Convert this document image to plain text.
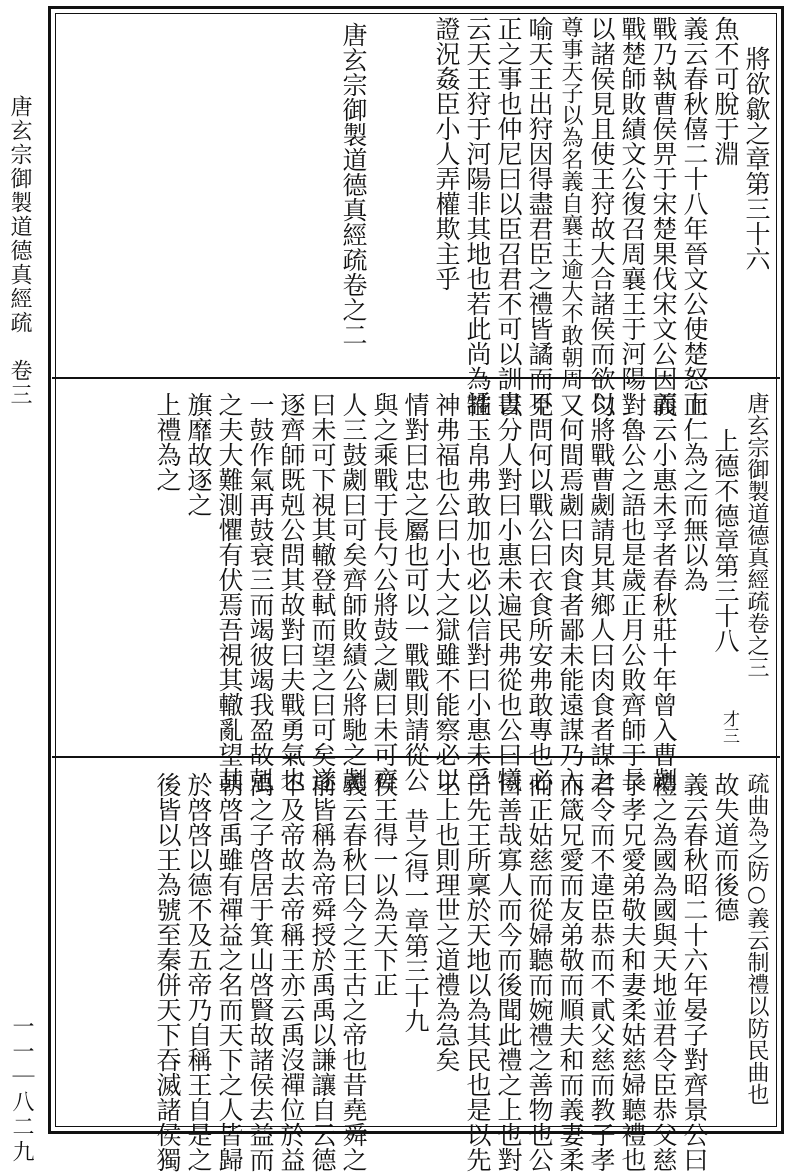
唐玄宗御製道德真經疏　卷三
一一｜八二九
將欲歙之章第三十六
魚不可脫于淵
義云春秋僖二十八年晉文公使楚怒而
戰乃執曹侯畀于宋楚果伐宋文公因而
戰楚師敗績文公復召周襄王于河陽
以諸侯見且使王狩故大合諸侯而欲以
尊事天子以為名義自襄王逾大不敢朝周
喻天王出狩因得盡君臣之禮皆譎而不
正之事也仲尼曰以臣召君不可以訓書
云天王狩于河陽非其地也若此尚為譎
證況姦臣小人弄權欺主乎
唐玄宗御製道德真經疏卷之二
唐玄宗御製道德真經疏卷之三
上德不德章第三十八
上仁為之而無以為
義云小惠未孚者春秋莊十年曾入曹劌
對魯公之語也是歲正月公敗齊師于長
勺將戰曹劌請見其鄉人曰肉食者謀之
又何間焉劌曰肉食者鄙未能遠謀乃入
見問何以戰公曰衣食所安弗敢專也必
以分人對曰小惠未遍民弗從也公曰犧
牲玉帛弗敢加也必以信對曰小惠未孚
神弗福也公曰小大之獄雖不能察必以
情對曰忠之屬也可以一戰戰則請從公
與之乘戰于長勺公將鼓之劌曰未可齊
人三鼓劌曰可矣齊師敗績公將馳之劌
曰未可下視其轍登軾而望之曰可矣遂
逐齊師既剋公問其故對曰夫戰勇氣也
一鼓作氣再鼓衰三而竭彼竭我盈故剋
之夫大難測懼有伏焉吾視其轍亂望其
旗靡故逐之
上禮為之
才三
疏曲為之防○義云制禮以防民曲也
故失道而後德
義云春秋昭二十六年晏子對齊景公曰
禮之為國為國與天地並君令臣恭父慈
子孝兄愛弟敬夫和妻柔姑慈婦聽禮也
君令而不違臣恭而不貳父慈而教子孝
而箴兄愛而友弟敬而順夫和而義妻柔
而正姑慈而從婦聽而婉禮之善物也公
曰善哉寡人而今而後聞此禮之上也對
曰先王所稟於天地以為其民也是以先
王上也則理世之道禮為急矣
昔之得一章第三十九
侯王得一以為天下正
義云春秋曰今之王古之帝也昔堯舜之
前皆稱為帝舜授於禹禹以謙讓自云德
不及帝故去帝稱王亦云禹沒禪位於益
禹之子啓居于箕山啓賢故諸侯去益而
朝啓禹雖有禪益之名而天下之人皆歸
於啓啓以德不及五帝乃自稱王自是之
後皆以王為號至秦併天下吞滅諸侯獨
